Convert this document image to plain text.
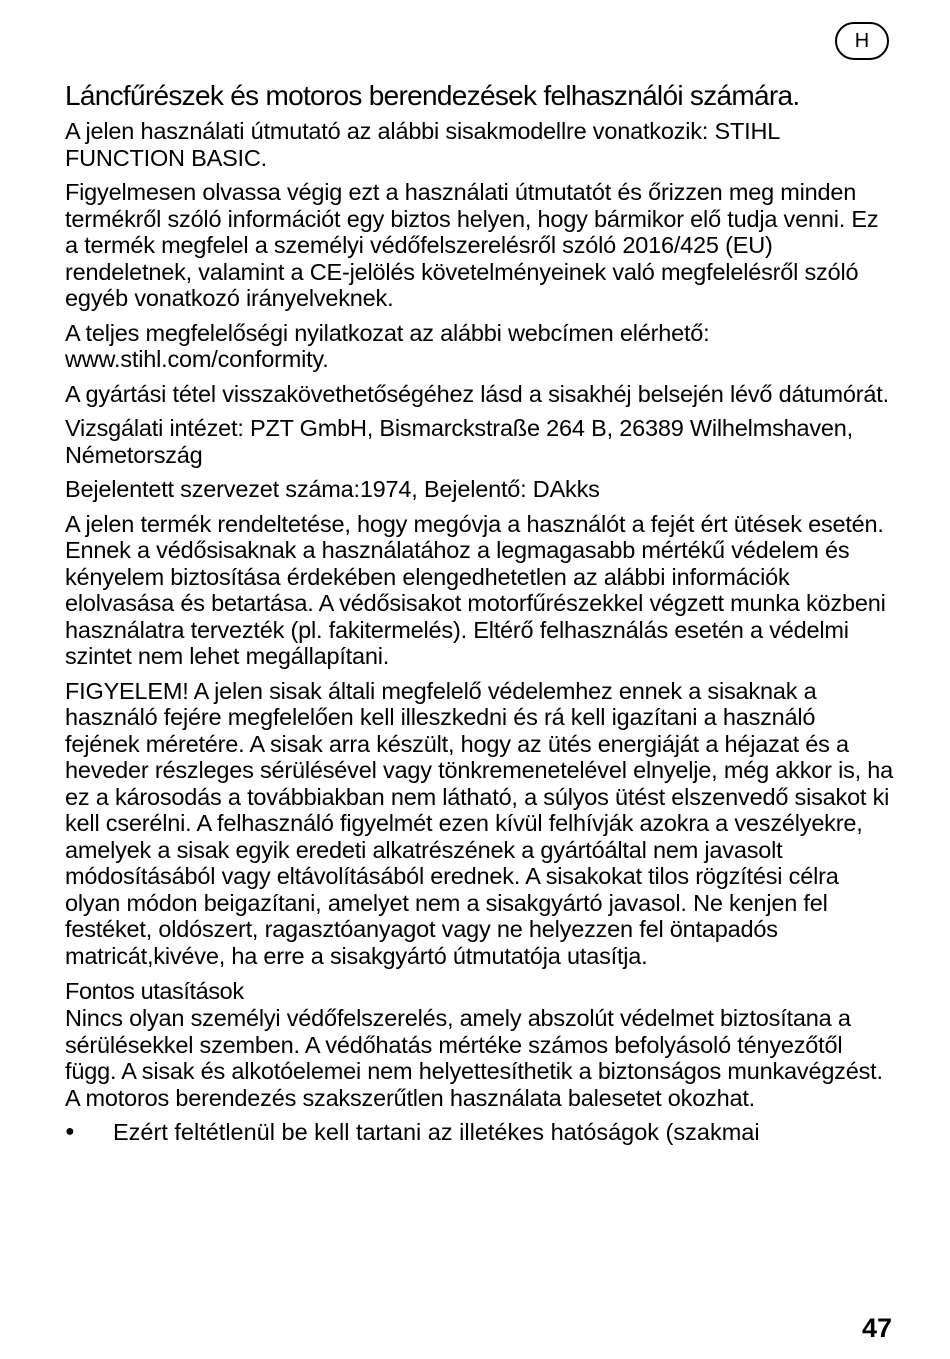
H
Láncfűrészek és motoros berendezések felhasználói számára.

A jelen használati útmutató az alábbi sisakmodellre vonatkozik: STIHL FUNCTION BASIC.

Figyelmesen olvassa végig ezt a használati útmutatót és őrizzen meg minden termékről szóló információt egy biztos helyen, hogy bármikor elő tudja venni. Ez a termék megfelel a személyi védőfelszerelésről szóló 2016/425 (EU) rendeletnek, valamint a CE-jelölés követelményeinek való megfelelésről szóló egyéb vonatkozó irányelveknek.

A teljes megfelelőségi nyilatkozat az alábbi webcímen elérhető: www.stihl.com/conformity.

A gyártási tétel visszakövethetőségéhez lásd a sisakhéj belsején lévő dátumórát.

Vizsgálati intézet: PZT GmbH, Bismarckstraße 264 B, 26389 Wilhelmshaven, Németország

Bejelentett szervezet száma:1974, Bejelentő: DAkks

A jelen termék rendeltetése, hogy megóvja a használót a fejét ért ütések esetén. Ennek a védősisaknak a használatához a legmagasabb mértékű védelem és kényelem biztosítása érdekében elengedhetetlen az alábbi információk elolvasása és betartása. A védősisakot motorfűrészekkel végzett munka közbeni használatra tervezték (pl. fakitermelés). Eltérő felhasználás esetén a védelmi szintet nem lehet megállapítani.

FIGYELEM! A jelen sisak általi megfelelő védelemhez ennek a sisaknak a használó fejére megfelelően kell illeszkedni és rá kell igazítani a használó fejének méretére. A sisak arra készült, hogy az ütés energiáját a héjazat és a heveder részleges sérülésével vagy tönkremenetelével elnyelje, még akkor is, ha ez a károsodás a továbbiakban nem látható, a súlyos ütést elszenvedő sisakot ki kell cserélni. A felhasználó figyelmét ezen kívül felhívják azokra a veszélyekre, amelyek a sisak egyik eredeti alkatrészének a gyártóáltal nem javasolt módosításából vagy eltávolításából erednek. A sisakokat tilos rögzítési célra olyan módon beigazítani, amelyet nem a sisakgyártó javasol. Ne kenjen fel festéket, oldószert, ragasztóanyagot vagy ne helyezzen fel öntapadós matricát,kivéve, ha erre a sisakgyártó útmutatója utasítja.

Fontos utasítások

Nincs olyan személyi védőfelszerelés, amely abszolút védelmet biztosítana a sérülésekkel szemben. A védőhatás mértéke számos befolyásoló tényezőtől függ. A sisak és alkotóelemei nem helyettesíthetik a biztonságos munkavégzést. A motoros berendezés szakszerűtlen használata balesetet okozhat.

●	Ezért feltétlenül be kell tartani az illetékes hatóságok (szakmai
47
